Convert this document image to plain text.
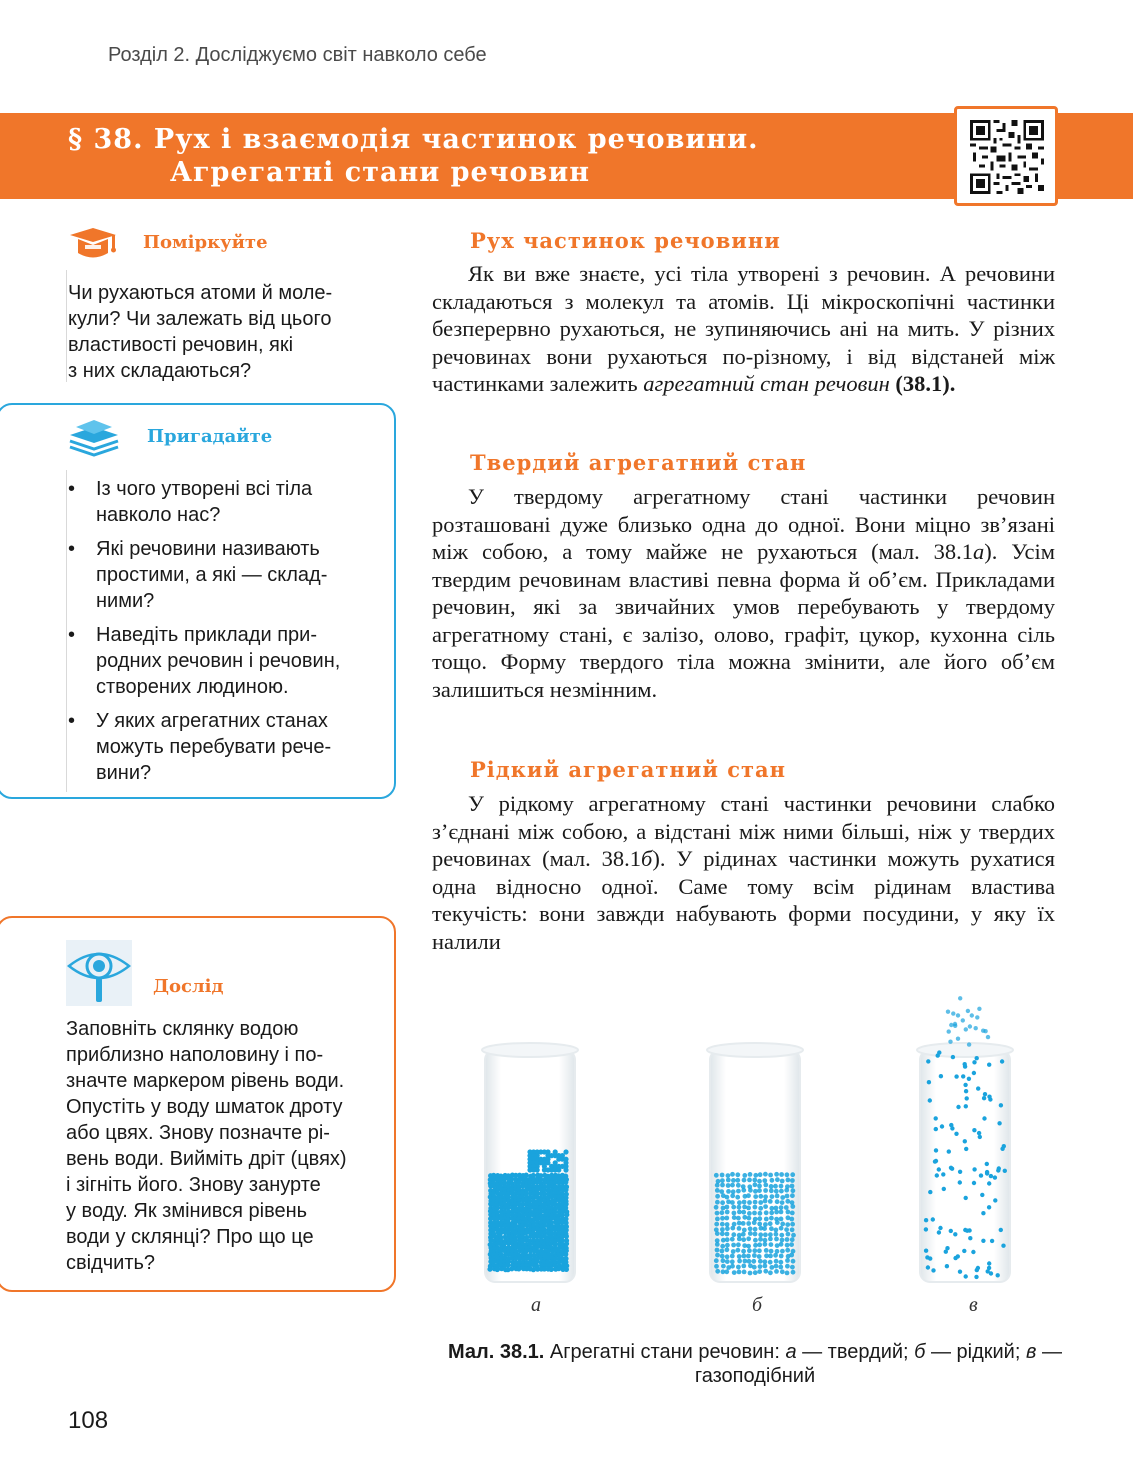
Розділ 2. Досліджуємо світ навколо себе
§ 38. Рух і взаємодія частинок речовини.
Агрегатні стани речовин
Поміркуйте
Чи рухаються атоми й моле-
кули? Чи залежать від цього
властивості речовин, які
з них складаються?
Пригадайте
• Із чого утворені всі тіла
навколо нас?
• Які речовини називають
простими, а які — склад-
ними?
• Наведіть приклади при-
родних речовин і речовин,
створених людиною.
• У яких агрегатних станах
можуть перебувати рече-
вини?
Дослід
Заповніть склянку водою
приблизно наполовину і по-
значте маркером рівень води.
Опустіть у воду шматок дроту
або цвях. Знову позначте рі-
вень води. Вийміть дріт (цвях)
і зігніть його. Знову занурте
у воду. Як змінився рівень
води у склянці? Про що це
свідчить?
Рух частинок речовини
Як ви вже знаєте, усі тіла утворені з речовин. А речовини складаються з молекул та атомів. Ці мікроскопічні частинки безперервно рухаються, не зупиняючись ані на мить. У різних речовинах вони рухаються по-різному, і від відстаней між частинками залежить агрегатний стан речовин (38.1).
Твердий агрегатний стан
У твердому агрегатному стані частинки речовин розташовані дуже близько одна до одної. Вони міцно зв’язані між собою, а тому майже не рухаються (мал. 38.1а). Усім твердим речовинам властиві певна форма й об’єм. Прикладами речовин, які за звичайних умов перебувають у твердому агрегатному стані, є залізо, олово, графіт, цукор, кухонна сіль тощо. Форму твердого тіла можна змінити, але його об’єм залишиться незмінним.
Рідкий агрегатний стан
У рідкому агрегатному стані частинки речовини слабко з’єднані між собою, а відстані між ними більші, ніж у твердих речовинах (мал. 38.1б). У рідинах частинки можуть рухатися одна відносно одної. Саме тому всім рідинам властива текучість: вони завжди набувають форми посудини, у яку їх налили
а	б	в
Мал. 38.1. Агрегатні стани речовин: а — твердий; б — рідкий; в — газоподібний
108
